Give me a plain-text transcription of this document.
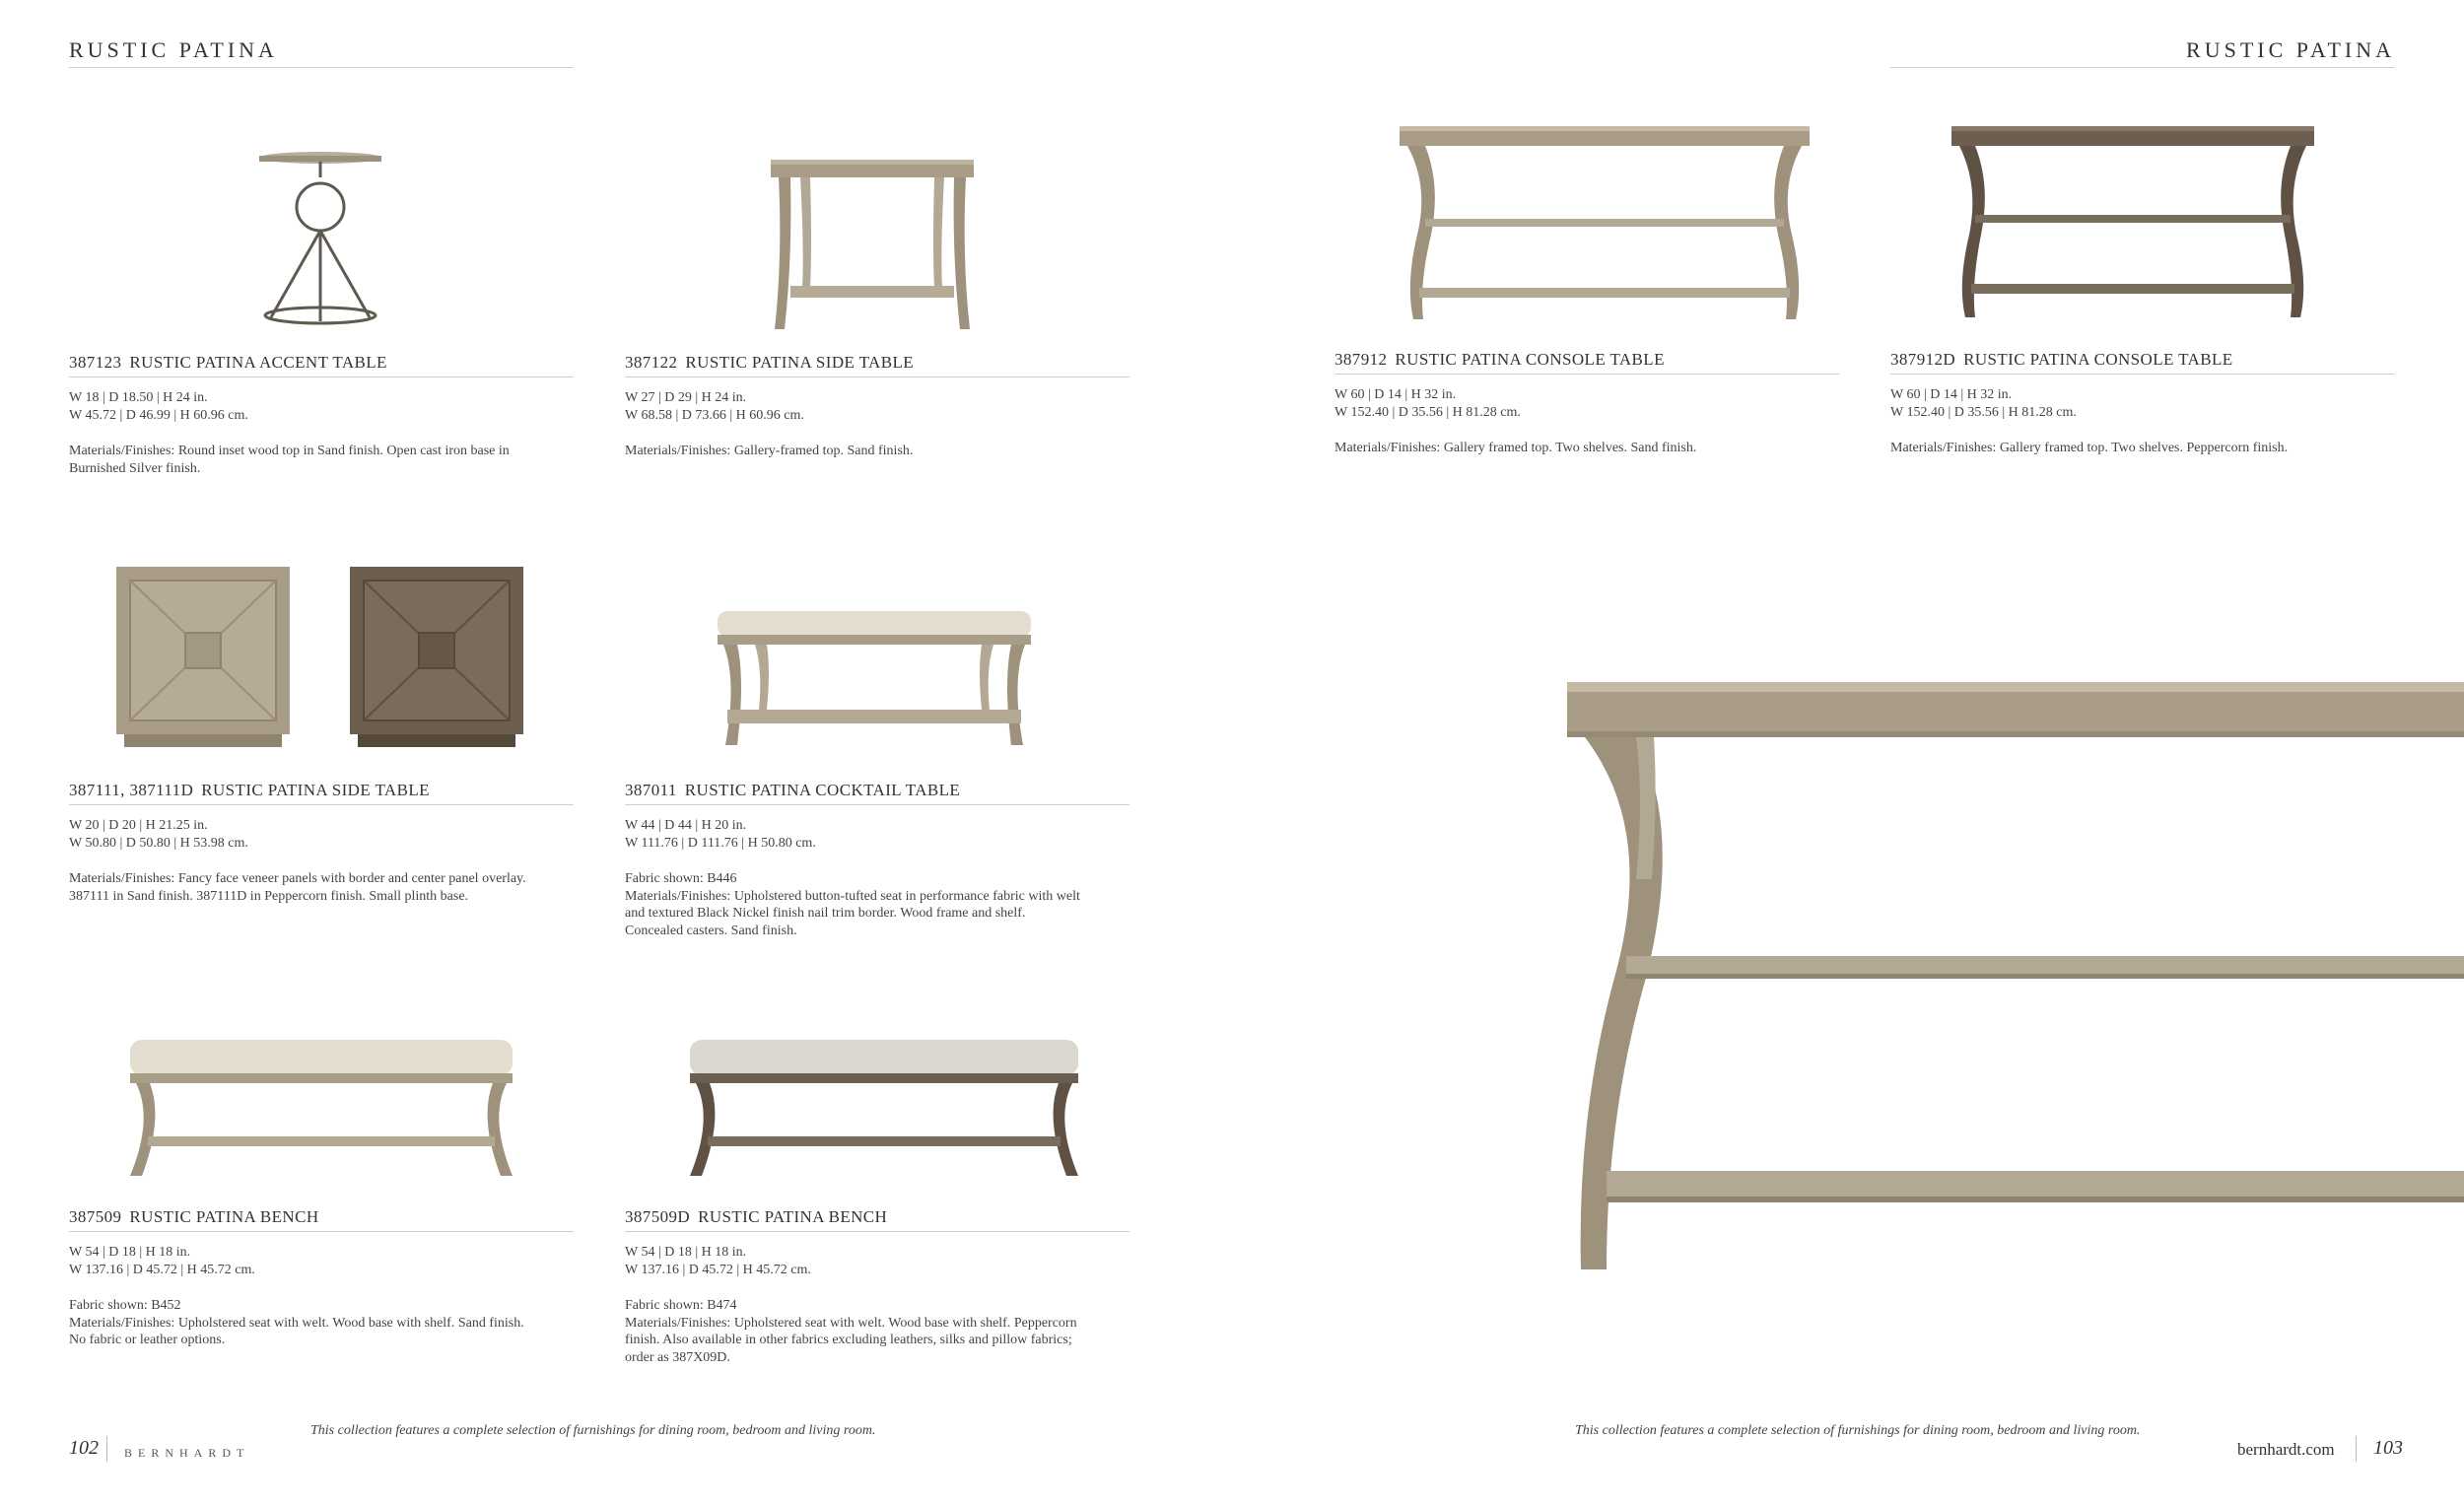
RUSTIC PATINA	RUSTIC PATINA
387123 RUSTIC PATINA ACCENT TABLE
W 18 | D 18.50 | H 24 in.
W 45.72 | D 46.99 | H 60.96 cm.
Materials/Finishes: Round inset wood top in Sand finish. Open cast iron base in
Burnished Silver finish.
387122 RUSTIC PATINA SIDE TABLE
W 27 | D 29 | H 24 in.
W 68.58 | D 73.66 | H 60.96 cm.
Materials/Finishes: Gallery-framed top. Sand finish.
387912 RUSTIC PATINA CONSOLE TABLE
W 60 | D 14 | H 32 in.
W 152.40 | D 35.56 | H 81.28 cm.
Materials/Finishes: Gallery framed top. Two shelves. Sand finish.
387912D RUSTIC PATINA CONSOLE TABLE
W 60 | D 14 | H 32 in.
W 152.40 | D 35.56 | H 81.28 cm.
Materials/Finishes: Gallery framed top. Two shelves. Peppercorn finish.
387111, 387111D RUSTIC PATINA SIDE TABLE
W 20 | D 20 | H 21.25 in.
W 50.80 | D 50.80 | H 53.98 cm.
Materials/Finishes: Fancy face veneer panels with border and center panel overlay.
387111 in Sand finish. 387111D in Peppercorn finish. Small plinth base.
387011 RUSTIC PATINA COCKTAIL TABLE
W 44 | D 44 | H 20 in.
W 111.76 | D 111.76 | H 50.80 cm.
Fabric shown: B446
Materials/Finishes: Upholstered button-tufted seat in performance fabric with welt
and textured Black Nickel finish nail trim border. Wood frame and shelf.
Concealed casters. Sand finish.
387509 RUSTIC PATINA BENCH
W 54 | D 18 | H 18 in.
W 137.16 | D 45.72 | H 45.72 cm.
Fabric shown: B452
Materials/Finishes: Upholstered seat with welt. Wood base with shelf. Sand finish.
No fabric or leather options.
387509D RUSTIC PATINA BENCH
W 54 | D 18 | H 18 in.
W 137.16 | D 45.72 | H 45.72 cm.
Fabric shown: B474
Materials/Finishes: Upholstered seat with welt. Wood base with shelf. Peppercorn
finish. Also available in other fabrics excluding leathers, silks and pillow fabrics;
order as 387X09D.
102 BERNHARDT
This collection features a complete selection of furnishings for dining room, bedroom and living room.	This collection features a complete selection of furnishings for dining room, bedroom and living room.
bernhardt.com 103
